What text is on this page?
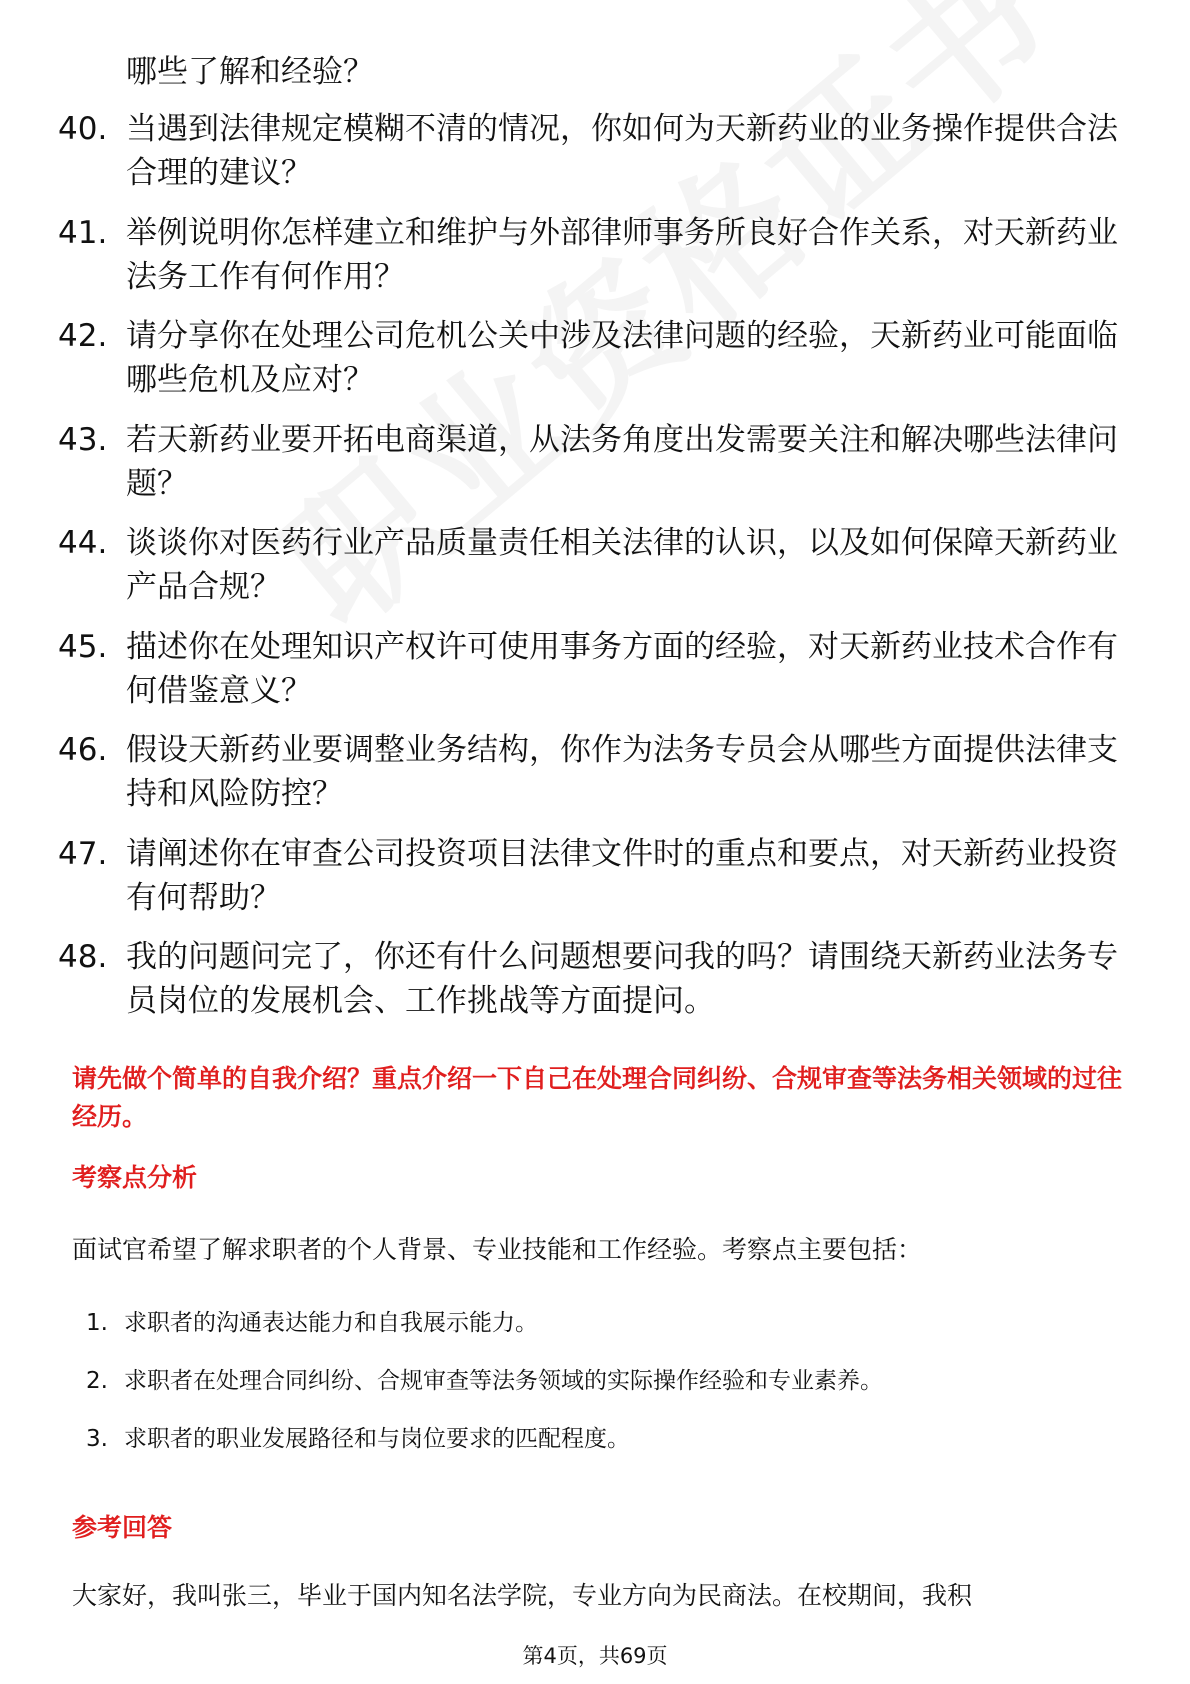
哪些了解和经验？
40. 当遇到法律规定模糊不清的情况，你如何为天新药业的业务操作提供合法合理的建议？
41. 举例说明你怎样建立和维护与外部律师事务所良好合作关系，对天新药业法务工作有何作用？
42. 请分享你在处理公司危机公关中涉及法律问题的经验，天新药业可能面临哪些危机及应对？
43. 若天新药业要开拓电商渠道，从法务角度出发需要关注和解决哪些法律问题？
44. 谈谈你对医药行业产品质量责任相关法律的认识，以及如何保障天新药业产品合规？
45. 描述你在处理知识产权许可使用事务方面的经验，对天新药业技术合作有何借鉴意义？
46. 假设天新药业要调整业务结构，你作为法务专员会从哪些方面提供法律支持和风险防控？
47. 请阐述你在审查公司投资项目法律文件时的重点和要点，对天新药业投资有何帮助？
48. 我的问题问完了，你还有什么问题想要问我的吗？请围绕天新药业法务专员岗位的发展机会、工作挑战等方面提问。
请先做个简单的自我介绍？重点介绍一下自己在处理合同纠纷、合规审查等法务相关领域的过往经历。
考察点分析
面试官希望了解求职者的个人背景、专业技能和工作经验。考察点主要包括：
1. 求职者的沟通表达能力和自我展示能力。
2. 求职者在处理合同纠纷、合规审查等法务领域的实际操作经验和专业素养。
3. 求职者的职业发展路径和与岗位要求的匹配程度。
参考回答
大家好，我叫张三，毕业于国内知名法学院，专业方向为民商法。在校期间，我积
第4页，共69页
